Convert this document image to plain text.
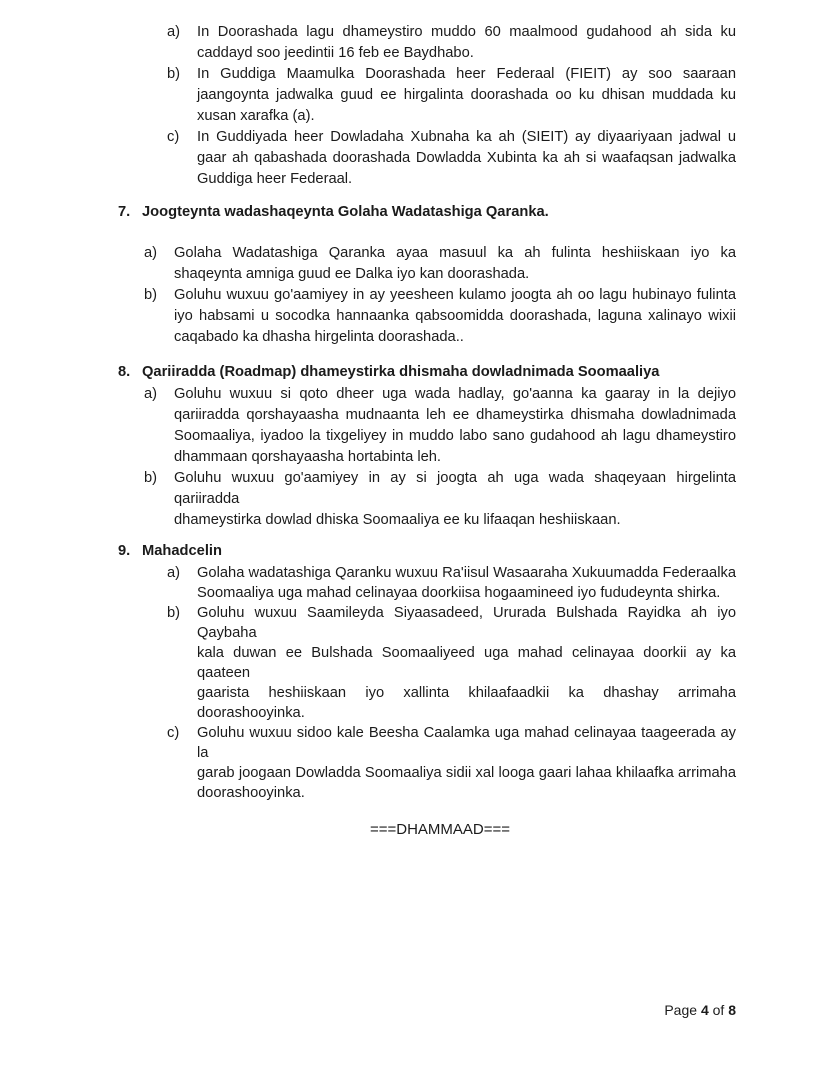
a)	In Doorashada lagu dhameystiro muddo 60 maalmood gudahood ah sida ku
caddayd soo jeedintii 16 feb ee Baydhabo.
b)	In Guddiga Maamulka Doorashada heer Federaal (FIEIT) ay soo saaraan
jaangoynta jadwalka guud ee hirgalinta doorashada oo ku dhisan muddada ku
xusan xarafka (a).
c)	In Guddiyada heer Dowladaha Xubnaha ka ah (SIEIT) ay diyaariyaan jadwal u
gaar ah qabashada doorashada Dowladda Xubinta ka ah si waafaqsan jadwalka
Guddiga heer Federaal.
7. Joogteynta wadashaqeynta Golaha Wadatashiga Qaranka.
a)	Golaha Wadatashiga Qaranka ayaa masuul ka ah fulinta heshiiskaan iyo ka
shaqeynta amniga guud ee Dalka iyo kan doorashada.
b)	Goluhu wuxuu go'aamiyey in ay yeesheen kulamo joogta ah oo lagu hubinayo fulinta
iyo habsami u socodka hannaanka qabsoomidda doorashada, laguna xalinayo wixii
caqabado ka dhasha hirgelinta doorashada..
8. Qariiradda (Roadmap) dhameystirka dhismaha dowladnimada Soomaaliya
a)	Goluhu wuxuu si qoto dheer uga wada hadlay, go'aanna ka gaaray in la dejiyo
qariiradda qorshayaasha mudnaanta leh ee dhameystirka dhismaha dowladnimada
Soomaaliya, iyadoo la tixgeliyey in muddo labo sano gudahood ah lagu dhameystiro
dhammaan qorshayaasha hortabinta leh.
b)	Goluhu wuxuu go'aamiyey in ay si joogta ah uga wada shaqeyaan hirgelinta qariiradda
dhameystirka dowlad dhiska Soomaaliya ee ku lifaaqan heshiiskaan.
9. Mahadcelin
a)	Golaha wadatashiga Qaranku wuxuu Ra'iisul Wasaaraha Xukuumadda Federaalka
Soomaaliya uga mahad celinayaa doorkiisa hogaamineed iyo fududeynta shirka.
b)	Goluhu wuxuu Saamileyda Siyaasadeed, Ururada Bulshada Rayidka ah iyo Qaybaha
kala duwan ee Bulshada Soomaaliyeed uga mahad celinayaa doorkii ay ka qaateen
gaarista heshiiskaan iyo xallinta khilaafaadkii ka dhashay arrimaha doorashooyinka.
c)	Goluhu wuxuu sidoo kale Beesha Caalamka uga mahad celinayaa taageerada ay la
garab joogaan Dowladda Soomaaliya sidii xal looga gaari lahaa khilaafka arrimaha
doorashooyinka.
===DHAMMAAD===
Page 4 of 8
